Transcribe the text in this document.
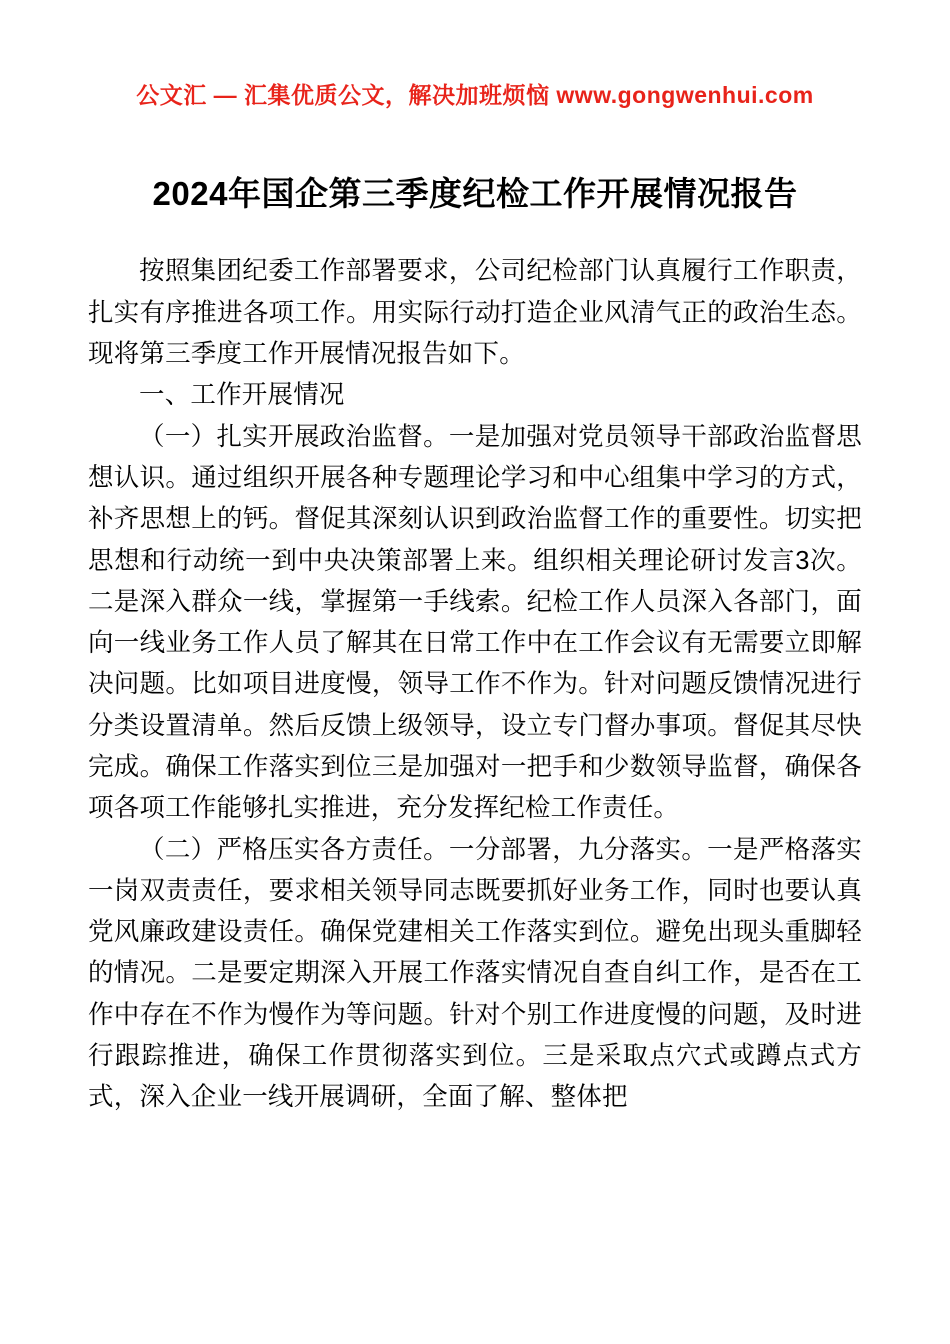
公文汇 — 汇集优质公文，解决加班烦恼 www.gongwenhui.com
2024年国企第三季度纪检工作开展情况报告

按照集团纪委工作部署要求，公司纪检部门认真履行工作职责，扎实有序推进各项工作。用实际行动打造企业风清气正的政治生态。现将第三季度工作开展情况报告如下。

一、工作开展情况

（一）扎实开展政治监督。一是加强对党员领导干部政治监督思想认识。通过组织开展各种专题理论学习和中心组集中学习的方式，补齐思想上的钙。督促其深刻认识到政治监督工作的重要性。切实把思想和行动统一到中央决策部署上来。组织相关理论研讨发言3次。二是深入群众一线，掌握第一手线索。纪检工作人员深入各部门，面向一线业务工作人员了解其在日常工作中在工作会议有无需要立即解决问题。比如项目进度慢，领导工作不作为。针对问题反馈情况进行分类设置清单。然后反馈上级领导，设立专门督办事项。督促其尽快完成。确保工作落实到位三是加强对一把手和少数领导监督，确保各项各项工作能够扎实推进，充分发挥纪检工作责任。

（二）严格压实各方责任。一分部署，九分落实。一是严格落实一岗双责责任，要求相关领导同志既要抓好业务工作，同时也要认真党风廉政建设责任。确保党建相关工作落实到位。避免出现头重脚轻的情况。二是要定期深入开展工作落实情况自查自纠工作，是否在工作中存在不作为慢作为等问题。针对个别工作进度慢的问题，及时进行跟踪推进，确保工作贯彻落实到位。三是采取点穴式或蹲点式方式，深入企业一线开展调研，全面了解、整体把
